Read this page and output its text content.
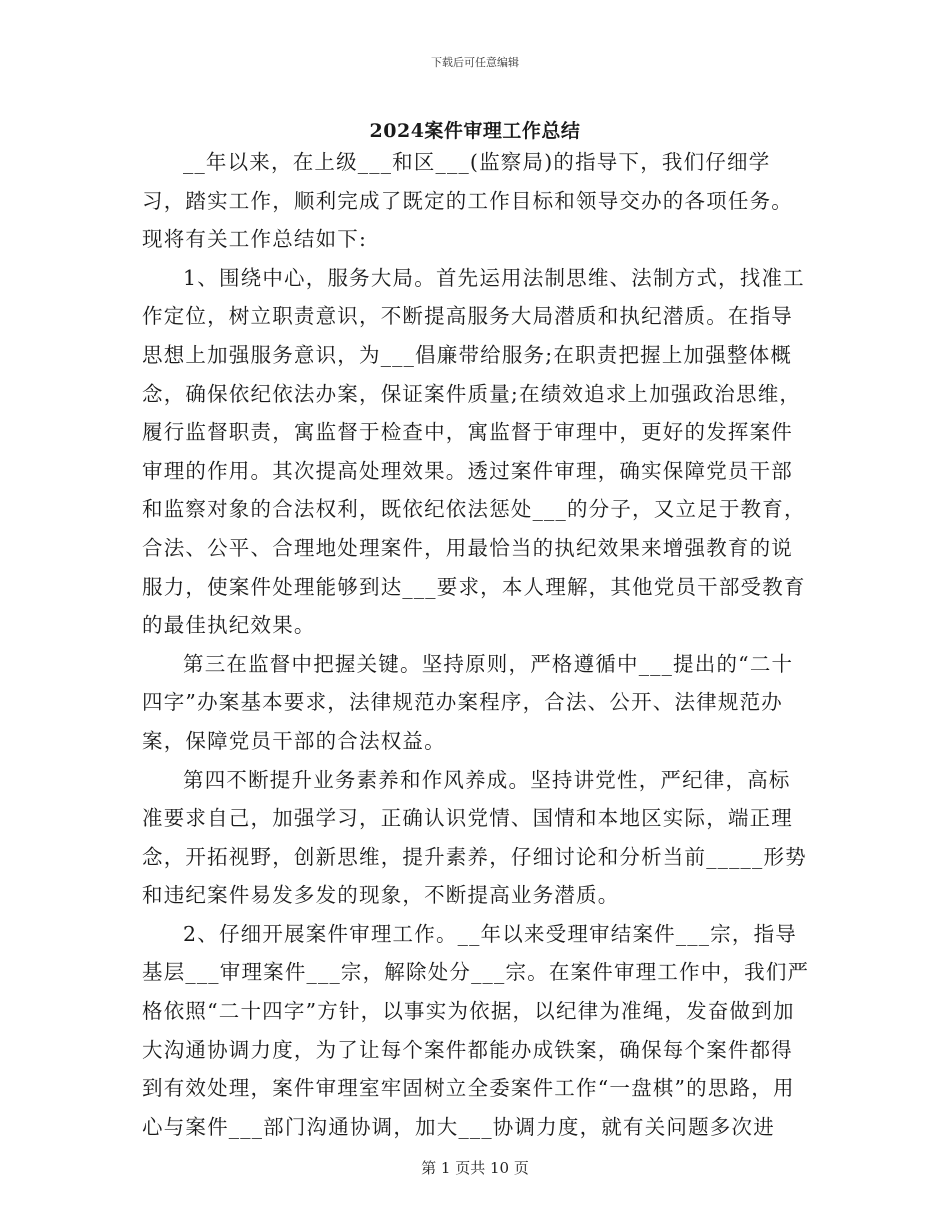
下载后可任意编辑
2024案件审理工作总结

__年以来，在上级___和区___(监察局)的指导下，我们仔细学习，踏实工作，顺利完成了既定的工作目标和领导交办的各项任务。现将有关工作总结如下:

1、围绕中心，服务大局。首先运用法制思维、法制方式，找准工作定位，树立职责意识，不断提高服务大局潜质和执纪潜质。在指导思想上加强服务意识，为___倡廉带给服务;在职责把握上加强整体概念，确保依纪依法办案，保证案件质量;在绩效追求上加强政治思维，履行监督职责，寓监督于检查中，寓监督于审理中，更好的发挥案件审理的作用。其次提高处理效果。透过案件审理，确实保障党员干部和监察对象的合法权利，既依纪依法惩处___的分子，又立足于教育，合法、公平、合理地处理案件，用最恰当的执纪效果来增强教育的说服力，使案件处理能够到达___要求，本人理解，其他党员干部受教育的最佳执纪效果。

第三在监督中把握关键。坚持原则，严格遵循中___提出的“二十四字”办案基本要求，法律规范办案程序，合法、公开、法律规范办案，保障党员干部的合法权益。

第四不断提升业务素养和作风养成。坚持讲党性，严纪律，高标准要求自己，加强学习，正确认识党情、国情和本地区实际，端正理念，开拓视野，创新思维，提升素养，仔细讨论和分析当前_____形势和违纪案件易发多发的现象，不断提高业务潜质。

2、仔细开展案件审理工作。__年以来受理审结案件___宗，指导基层___审理案件___宗，解除处分___宗。在案件审理工作中，我们严格依照“二十四字”方针，以事实为依据，以纪律为准绳，发奋做到加大沟通协调力度，为了让每个案件都能办成铁案，确保每个案件都得到有效处理，案件审理室牢固树立全委案件工作“一盘棋”的思路，用心与案件___部门沟通协调，加大___协调力度，就有关问题多次进

第 1 页共 10 页
